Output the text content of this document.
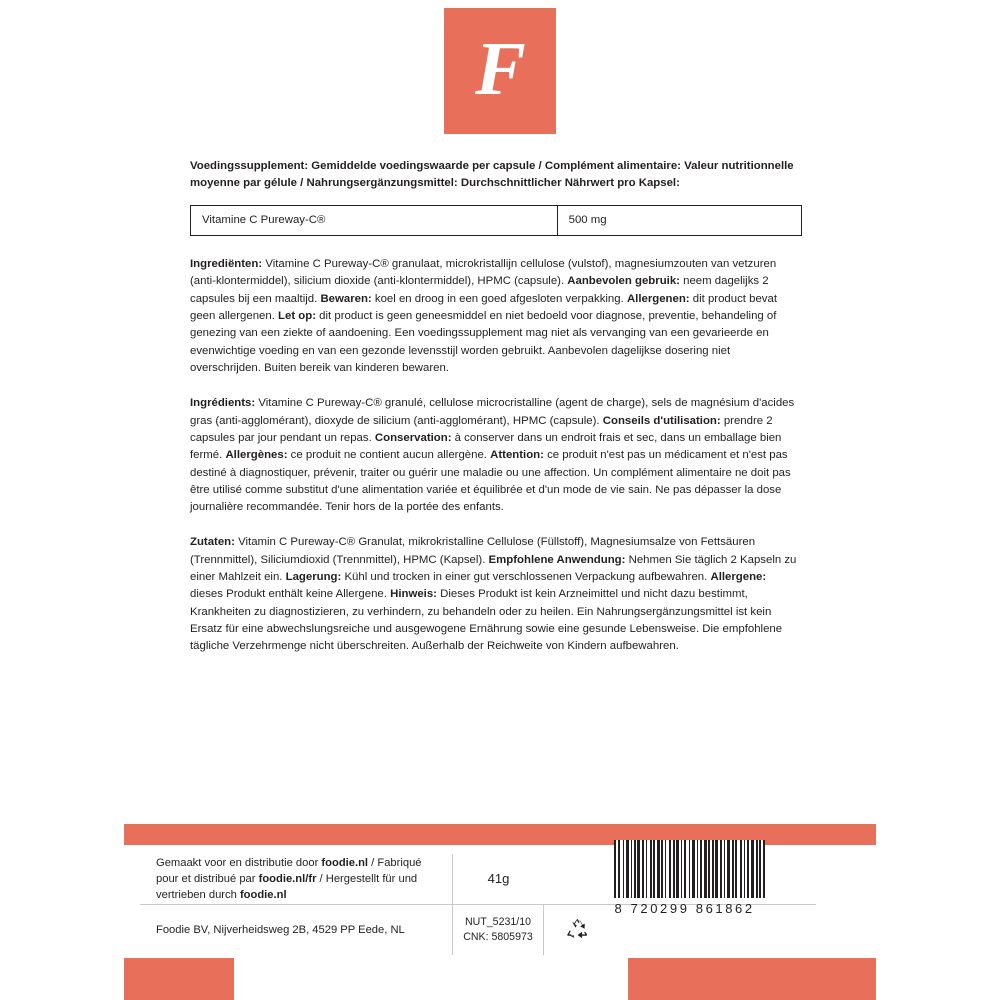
F

Voedingssupplement: Gemiddelde voedingswaarde per capsule / Complément alimentaire: Valeur nutritionnelle moyenne par gélule / Nahrungsergänzungsmittel: Durchschnittlicher Nährwert pro Kapsel:

Vitamine C Pureway-C®	500 mg

Ingrediënten: Vitamine C Pureway-C® granulaat, microkristallijn cellulose (vulstof), magnesiumzouten van vetzuren (anti-klontermiddel), silicium dioxide (anti-klontermiddel), HPMC (capsule). Aanbevolen gebruik: neem dagelijks 2 capsules bij een maaltijd. Bewaren: koel en droog in een goed afgesloten verpakking. Allergenen: dit product bevat geen allergenen. Let op: dit product is geen geneesmiddel en niet bedoeld voor diagnose, preventie, behandeling of genezing van een ziekte of aandoening. Een voedingssupplement mag niet als vervanging van een gevarieerde en evenwichtige voeding en van een gezonde levensstijl worden gebruikt. Aanbevolen dagelijkse dosering niet overschrijden. Buiten bereik van kinderen bewaren.

Ingrédients: Vitamine C Pureway-C® granulé, cellulose microcristalline (agent de charge), sels de magnésium d'acides gras (anti-agglomérant), dioxyde de silicium (anti-agglomérant), HPMC (capsule). Conseils d'utilisation: prendre 2 capsules par jour pendant un repas. Conservation: à conserver dans un endroit frais et sec, dans un emballage bien fermé. Allergènes: ce produit ne contient aucun allergène. Attention: ce produit n'est pas un médicament et n'est pas destiné à diagnostiquer, prévenir, traiter ou guérir une maladie ou une affection. Un complément alimentaire ne doit pas être utilisé comme substitut d'une alimentation variée et équilibrée et d'un mode de vie sain. Ne pas dépasser la dose journalière recommandée. Tenir hors de la portée des enfants.

Zutaten: Vitamin C Pureway-C® Granulat, mikrokristalline Cellulose (Füllstoff), Magnesiumsalze von Fettsäuren (Trennmittel), Siliciumdioxid (Trennmittel), HPMC (Kapsel). Empfohlene Anwendung: Nehmen Sie täglich 2 Kapseln zu einer Mahlzeit ein. Lagerung: Kühl und trocken in einer gut verschlossenen Verpackung aufbewahren. Allergene: dieses Produkt enthält keine Allergene. Hinweis: Dieses Produkt ist kein Arzneimittel und nicht dazu bestimmt, Krankheiten zu diagnostizieren, zu verhindern, zu behandeln oder zu heilen. Ein Nahrungsergänzungsmittel ist kein Ersatz für eine abwechslungsreiche und ausgewogene Ernährung sowie eine gesunde Lebensweise. Die empfohlene tägliche Verzehrmenge nicht überschreiten. Außerhalb der Reichweite von Kindern aufbewahren.

Gemaakt voor en distributie door foodie.nl / Fabriqué pour et distribué par foodie.nl/fr / Hergestellt für und vertrieben durch foodie.nl
41g
8 720299 861862
Foodie BV, Nijverheidsweg 2B, 4529 PP Eede, NL
NUT_5231/10
CNK: 5805973
